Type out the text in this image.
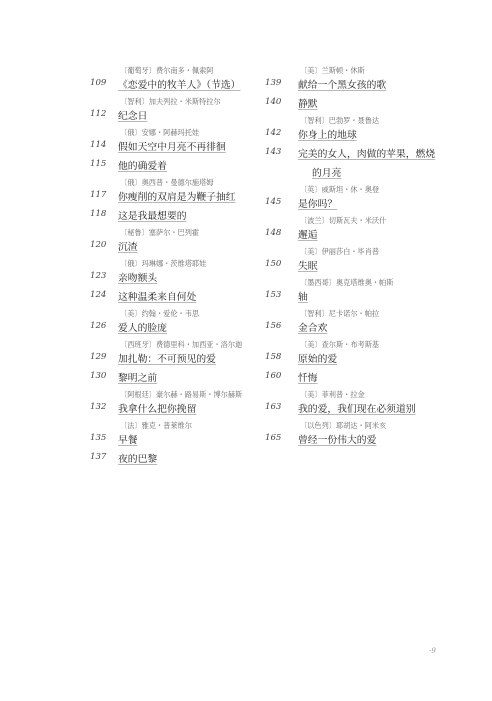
〔葡萄牙〕费尔南多・佩索阿
109 《恋爱中的牧羊人》（节选）
〔智利〕加夫列拉・米斯特拉尔
112 纪念日
〔俄〕安娜・阿赫玛托娃
114 假如天空中月亮不再徘徊
115 他的确爱着
〔俄〕奥西普・曼德尔施塔姆
117 你瘦削的双肩是为鞭子抽红
118 这是我最想要的
〔秘鲁〕塞萨尔・巴列霍
120 沉渣
〔俄〕玛琳娜・茨维塔耶娃
123 亲吻额头
124 这种温柔来自何处
〔美〕约翰・爱伦・韦思
126 爱人的脸庞
〔西班牙〕费德里科・加西亚・洛尔迦
129 加扎勒：不可预见的爱
130 黎明之前
〔阿根廷〕豪尔赫・路易斯・博尔赫斯
132 我拿什么把你挽留
〔法〕雅克・普莱维尔
135 早餐
137 夜的巴黎
〔美〕兰斯顿・休斯
139 献给一个黑女孩的歌
140 静默
〔智利〕巴勃罗・聂鲁达
142 你身上的地球
143 完美的女人，肉做的苹果，燃烧
的月亮
〔英〕威斯坦・休・奥登
145 是你吗？
〔波兰〕切斯瓦夫・米沃什
148 邂逅
〔美〕伊丽莎白・毕肖普
150 失眠
〔墨西哥〕奥克塔维奥・帕斯
153 轴
〔智利〕尼卡诺尔・帕拉
156 金合欢
〔美〕查尔斯・布考斯基
158 原始的爱
160 忏悔
〔美〕菲利普・拉金
163 我的爱，我们现在必须道别
〔以色列〕耶胡达・阿米亥
165 曾经一份伟大的爱
-9
